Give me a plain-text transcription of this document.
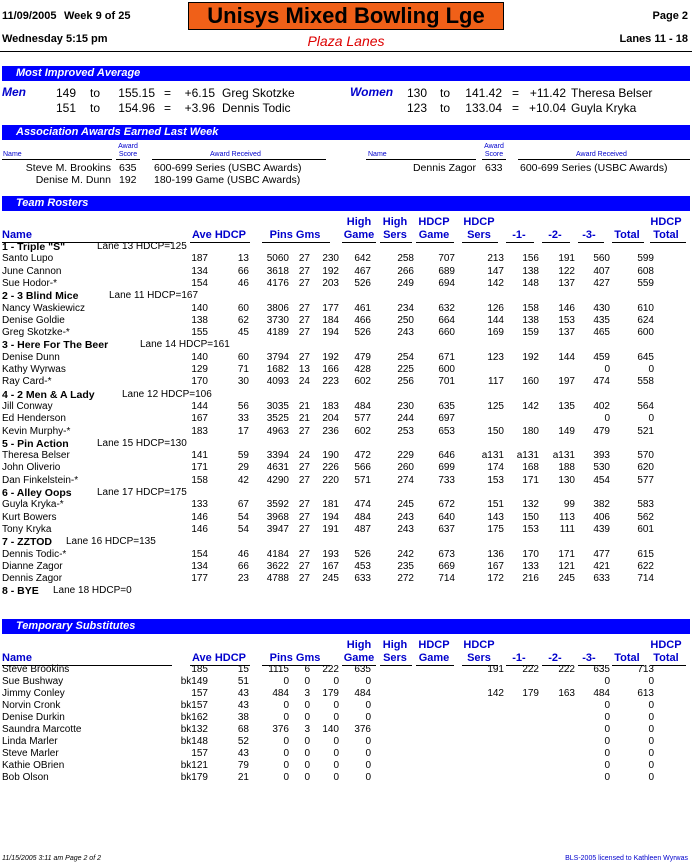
11/09/2005 Week 9 of 25	Unisys Mixed Bowling Lge	Page 2
Wednesday 5:15 pm	Plaza Lanes	Lanes 11 - 18
Most Improved Average
Men	Women
149 to 155.15 = +6.15 Greg Skotzke
151 to 154.96 = +3.96 Dennis Todic
130 to 141.42 = +11.42 Theresa Belser
123 to 133.04 = +10.04 Guyla Kryka
Association Awards Earned Last Week
Name
Award Score	Award Received	Name
Award Score	Award Received
Steve M. Brookins 635 600-699 Series (USBC Awards)
Denise M. Dunn 192 180-199 Game (USBC Awards)
Dennis Zagor 633 600-699 Series (USBC Awards)
Team Rosters
Name	Ave HDCP	Pins Gms
High
Game
High
Sers
HDCP
Game
HDCP
Sers	-1-	-2-	-3-	Total
HDCP
Total
1 - Triple "S"	Lane 13 HDCP=125
Santo Lupo	187	13 5060 27 230 642	258 707	213 156 191 560	599
June Cannon	134	66 3618 27 192 467	266 689	147 138 122 407	608
Sue Hodor-*	154	46 4176 27 203 526	249 694	142 148 137 427	559
2 - 3 Blind Mice	Lane 11 HDCP=167
Nancy Waskiewicz	140	60 3806 27 177 461	234 632	126 158 146 430	610
Denise Goldie	138	62 3730 27 184 466	250 664	144 138 153 435	624
Greg Skotzke-*	155	45 4189 27 194 526	243 660	169 159 137 465	600
3 - Here For The Beer	Lane 14 HDCP=161
Denise Dunn	140	60 3794 27 192 479	254 671	123 192 144 459	645
Kathy Wyrwas	129	71 1682 13 166 428	225 600	0	0
Ray Card-*	170	30 4093 24 223 602	256 701	117 160 197 474	558
4 - 2 Men & A Lady	Lane 12 HDCP=106
Jill Conway	144	56 3035 21 183 484	230 635	125 142 135 402	564
Ed Henderson	167	33 3525 21 204 577	244 697	0	0
Kevin Murphy-*	183	17 4963 27 236 602	253 653	150 180 149 479	521
5 - Pin Action	Lane 15 HDCP=130
Theresa Belser	141	59 3394 24 190 472	229 646	a131 a131 a131 393	570
John Oliverio	171	29 4631 27 226 566	260 699	174 168 188 530	620
Dan Finkelstein-*	158	42 4290 27 220 571	274 733	153 171 130 454	577
6 - Alley Oops	Lane 17 HDCP=175
Guyla Kryka-*	133	67 3592 27 181 474	245 672	151 132 99 382	583
Kurt Bowers	146	54 3968 27 194 484	243 640	143 150 113 406	562
Tony Kryka	146	54 3947 27 191 487	243 637	175 153 111 439	601
7 - ZZTOD Lane 16 HDCP=135
Dennis Todic-*	154	46 4184 27 193 526	242 673	136 170 171 477	615
Dianne Zagor	134	66 3622 27 167 453	235 669	167 133 121 421	622
Dennis Zagor	177	23 4788 27 245 633	272 714	172 216 245 633	714
8 - BYE Lane 18 HDCP=0
Temporary Substitutes
Name	Ave HDCP	Pins Gms
High
Game
High
Sers
HDCP
Game
HDCP
Sers	-1-	-2-	-3-	Total
HDCP
Total
Steve Brookins	185	15 1115 6 222 635	191 222 222 635	713
Sue Bushway	bk149	51	0 0 0	0	0	0
Jimmy Conley	157	43 484 3 179 484	142 179 163 484	613
Norvin Cronk	bk157	43	0 0 0	0	0	0
Denise Durkin	bk162	38	0 0 0	0	0	0
Saundra Marcotte	bk132	68 376 3 140 376	0	0
Linda Marler	bk148	52	0 0 0	0	0	0
Steve Marler	157	43	0 0 0	0	0	0
Kathie OBrien	bk121	79	0 0 0	0	0	0
Bob Olson	bk179	21	0 0 0	0	0	0
11/15/2005 3:11 am Page 2 of 2	BLS-2005 licensed to Kathleen Wyrwas
